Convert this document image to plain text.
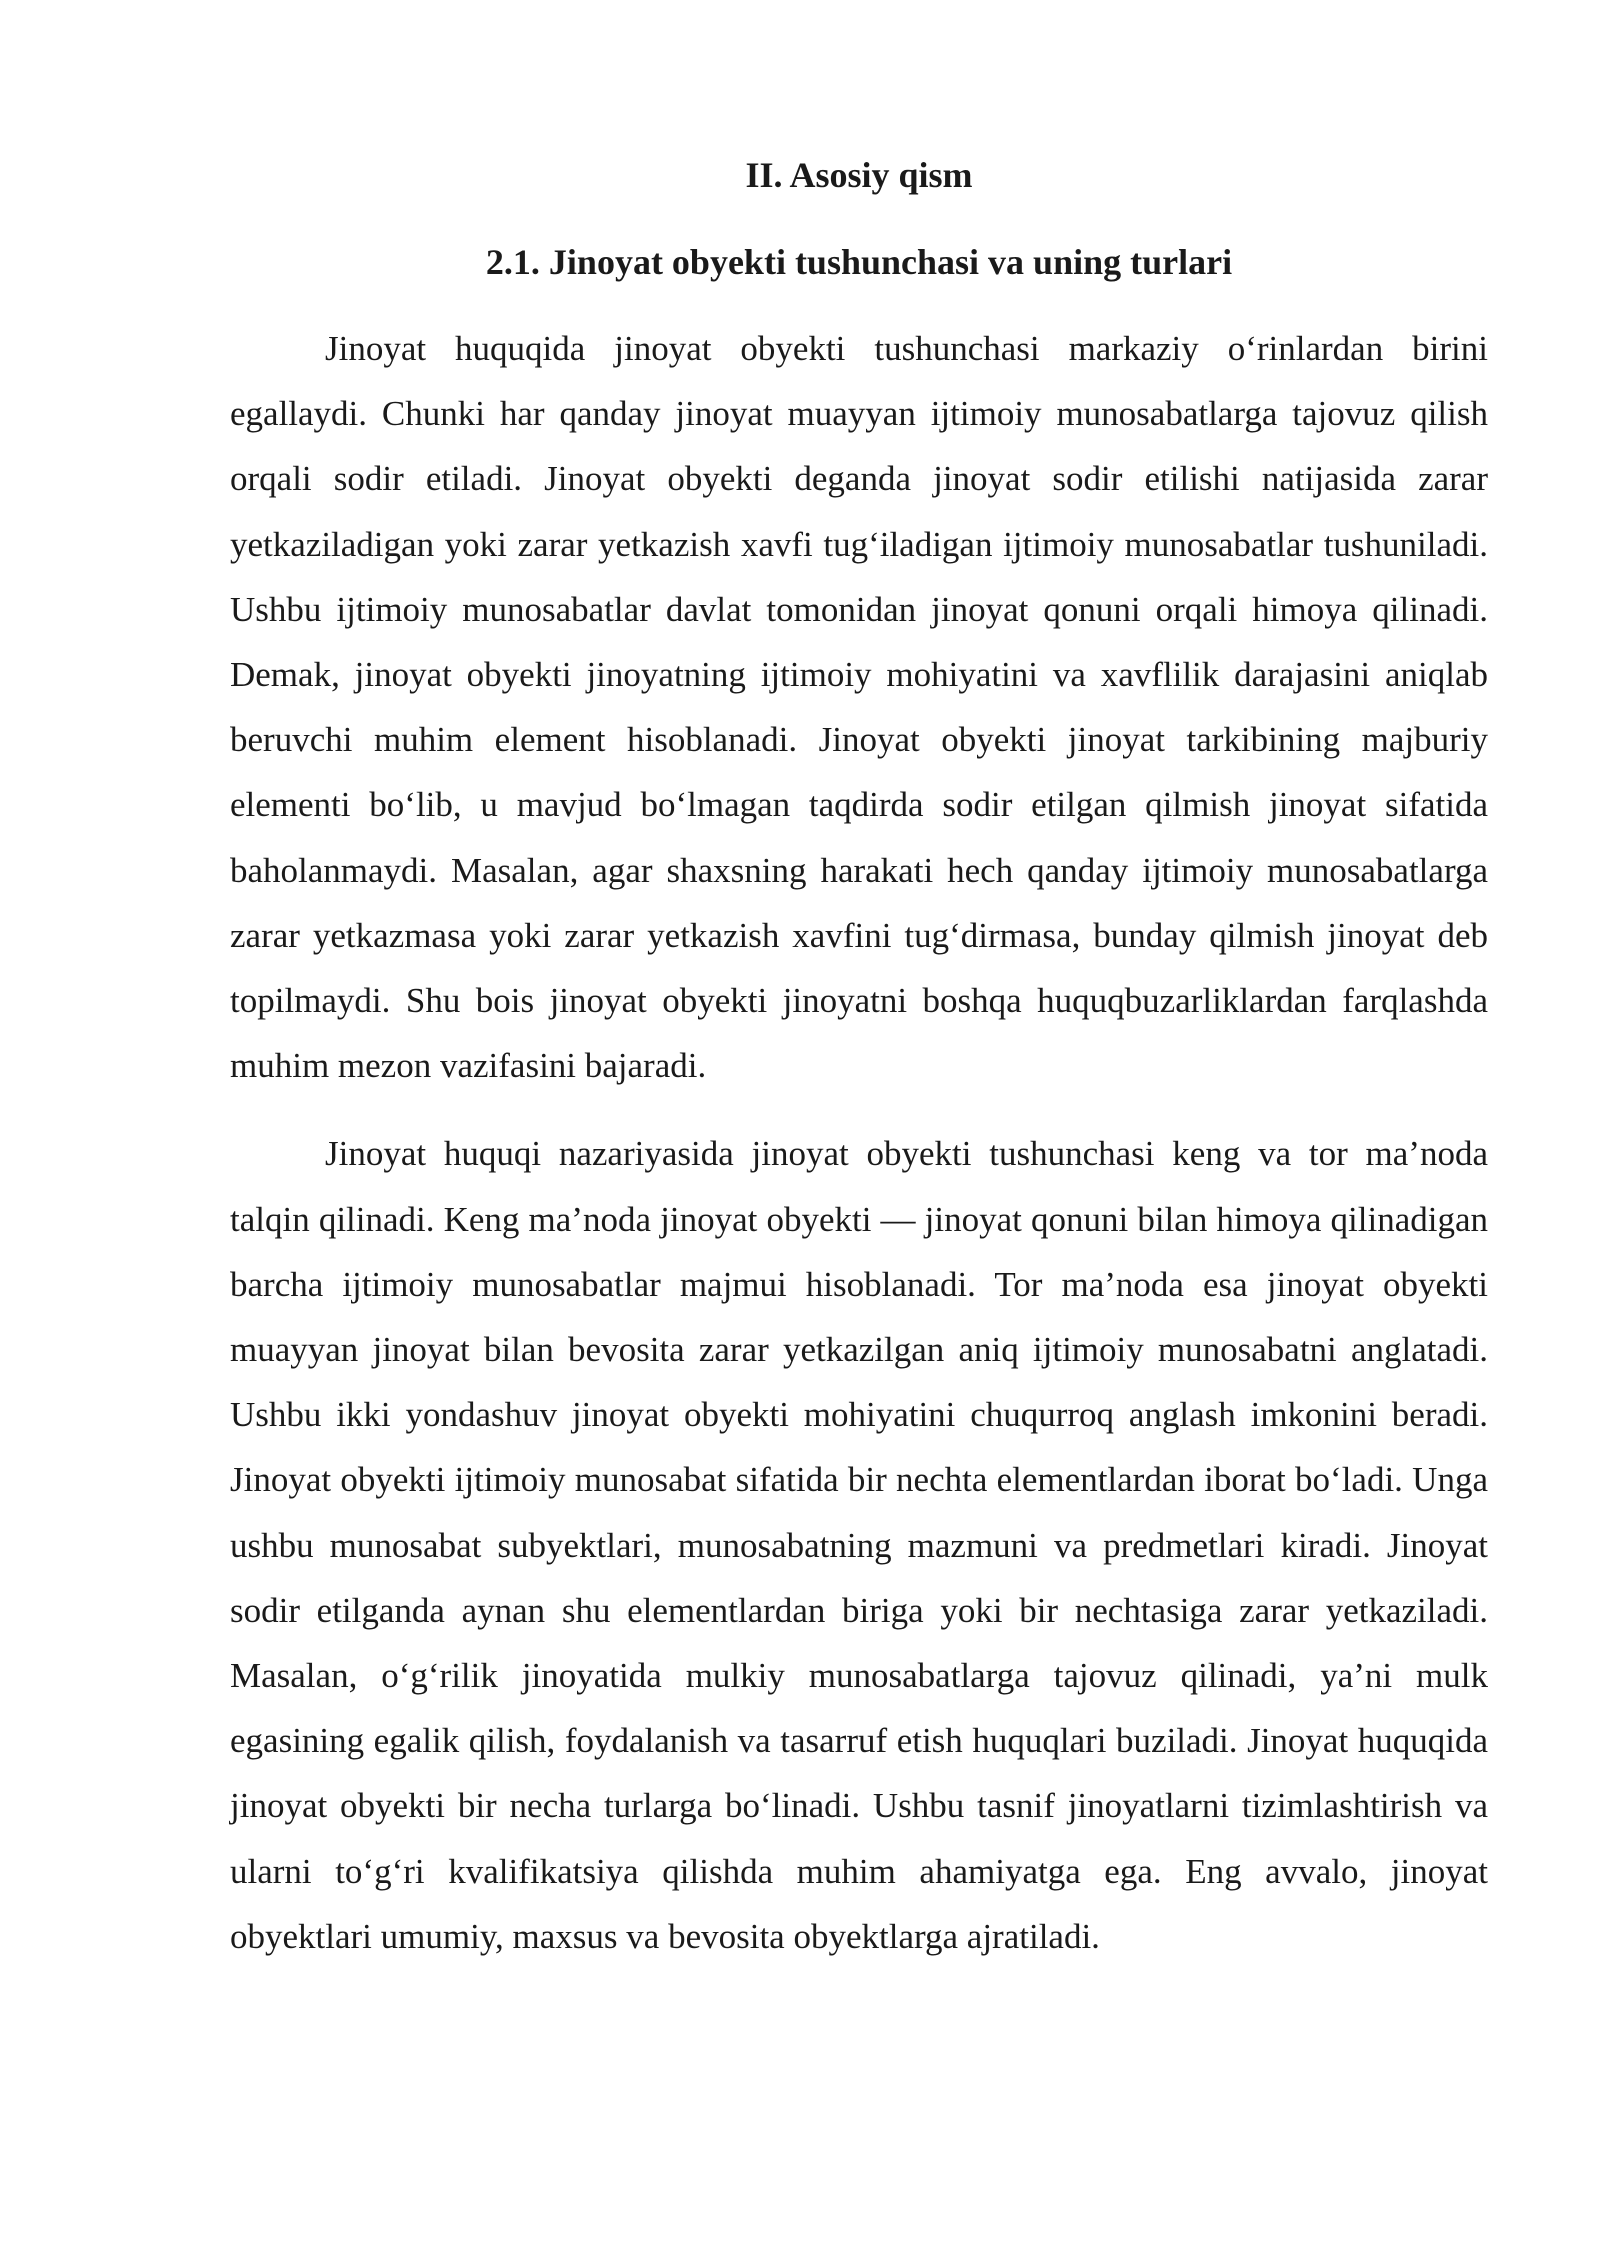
II. Asosiy qism
2.1. Jinoyat obyekti tushunchasi va uning turlari

Jinoyat huquqida jinoyat obyekti tushunchasi markaziy o‘rinlardan birini egallaydi. Chunki har qanday jinoyat muayyan ijtimoiy munosabatlarga tajovuz qilish orqali sodir etiladi. Jinoyat obyekti deganda jinoyat sodir etilishi natijasida zarar yetkaziladigan yoki zarar yetkazish xavfi tug‘iladigan ijtimoiy munosabatlar tushuniladi. Ushbu ijtimoiy munosabatlar davlat tomonidan jinoyat qonuni orqali himoya qilinadi. Demak, jinoyat obyekti jinoyatning ijtimoiy mohiyatini va xavflilik darajasini aniqlab beruvchi muhim element hisoblanadi. Jinoyat obyekti jinoyat tarkibining majburiy elementi bo‘lib, u mavjud bo‘lmagan taqdirda sodir etilgan qilmish jinoyat sifatida baholanmaydi. Masalan, agar shaxsning harakati hech qanday ijtimoiy munosabatlarga zarar yetkazmasa yoki zarar yetkazish xavfini tug‘dirmasa, bunday qilmish jinoyat deb topilmaydi. Shu bois jinoyat obyekti jinoyatni boshqa huquqbuzarliklardan farqlashda muhim mezon vazifasini bajaradi.

Jinoyat huquqi nazariyasida jinoyat obyekti tushunchasi keng va tor ma’noda talqin qilinadi. Keng ma’noda jinoyat obyekti — jinoyat qonuni bilan himoya qilinadigan barcha ijtimoiy munosabatlar majmui hisoblanadi. Tor ma’noda esa jinoyat obyekti muayyan jinoyat bilan bevosita zarar yetkazilgan aniq ijtimoiy munosabatni anglatadi. Ushbu ikki yondashuv jinoyat obyekti mohiyatini chuqurroq anglash imkonini beradi. Jinoyat obyekti ijtimoiy munosabat sifatida bir nechta elementlardan iborat bo‘ladi. Unga ushbu munosabat subyektlari, munosabatning mazmuni va predmetlari kiradi. Jinoyat sodir etilganda aynan shu elementlardan biriga yoki bir nechtasiga zarar yetkaziladi. Masalan, o‘g‘rilik jinoyatida mulkiy munosabatlarga tajovuz qilinadi, ya’ni mulk egasining egalik qilish, foydalanish va tasarruf etish huquqlari buziladi. Jinoyat huquqida jinoyat obyekti bir necha turlarga bo‘linadi. Ushbu tasnif jinoyatlarni tizimlashtirish va ularni to‘g‘ri kvalifikatsiya qilishda muhim ahamiyatga ega. Eng avvalo, jinoyat obyektlari umumiy, maxsus va bevosita obyektlarga ajratiladi.
